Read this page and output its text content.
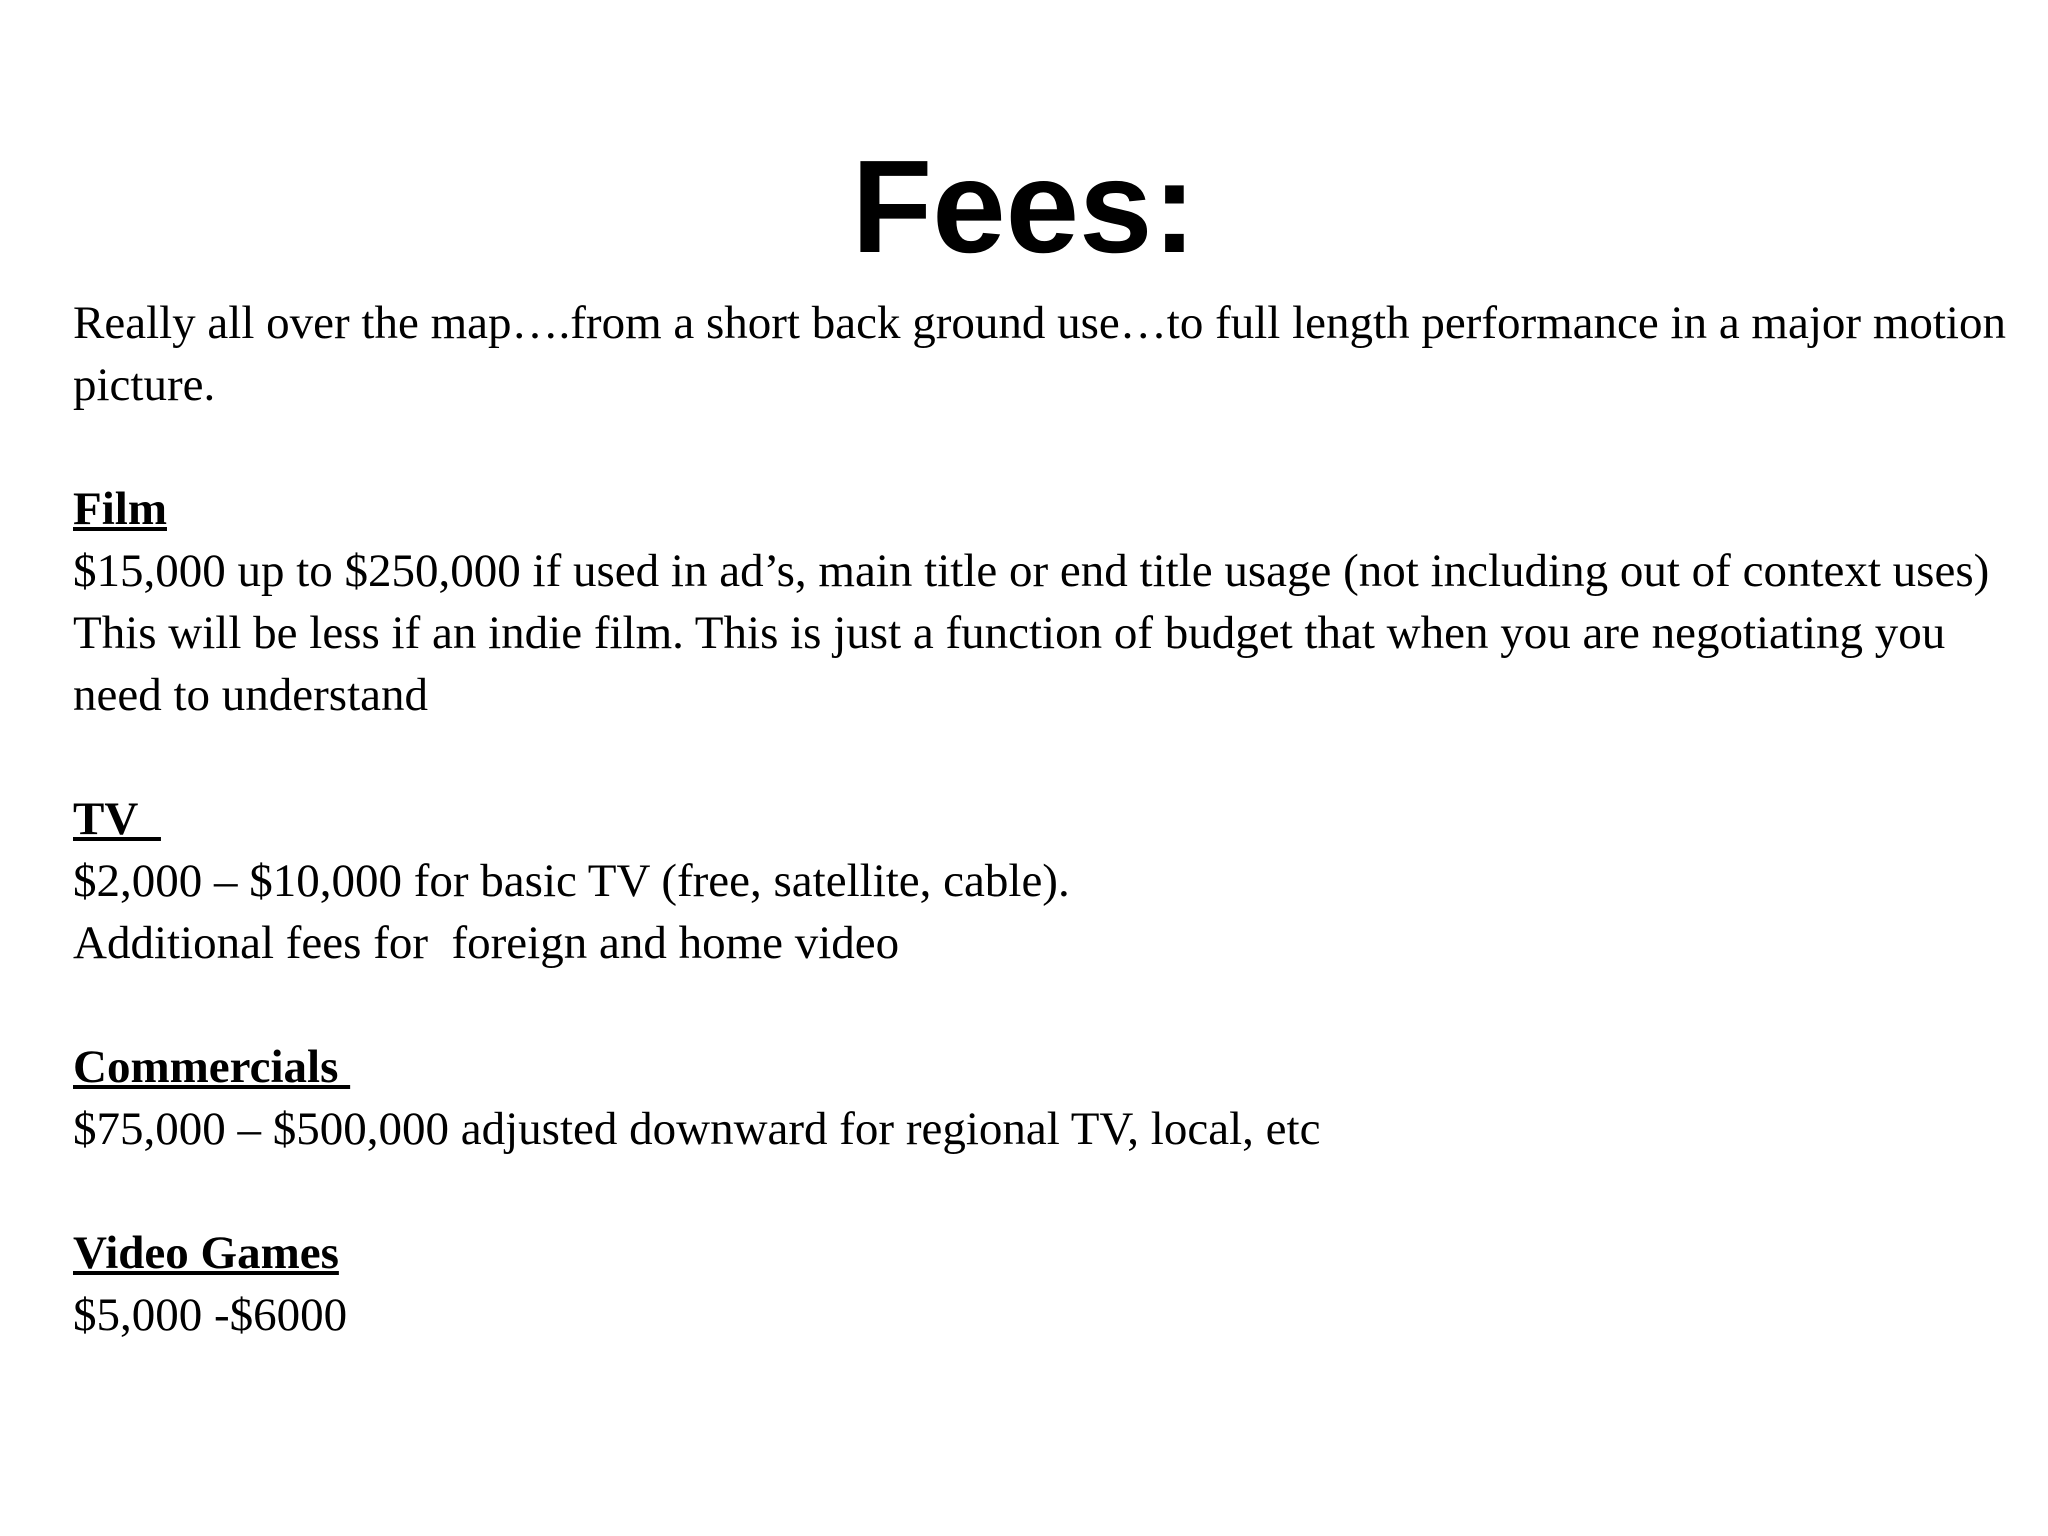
Fees:

Really all over the map….from a short back ground use…to full length performance in a major motion picture.

Film

$15,000 up to $250,000 if used in ad’s, main title or end title usage (not including out of context uses)

This will be less if an indie film. This is just a function of budget that when you are negotiating you need to understand

TV

$2,000 – $10,000 for basic TV (free, satellite, cable).

Additional fees for  foreign and home video

Commercials

$75,000 – $500,000 adjusted downward for regional TV, local, etc

Video Games

$5,000 -$6000
